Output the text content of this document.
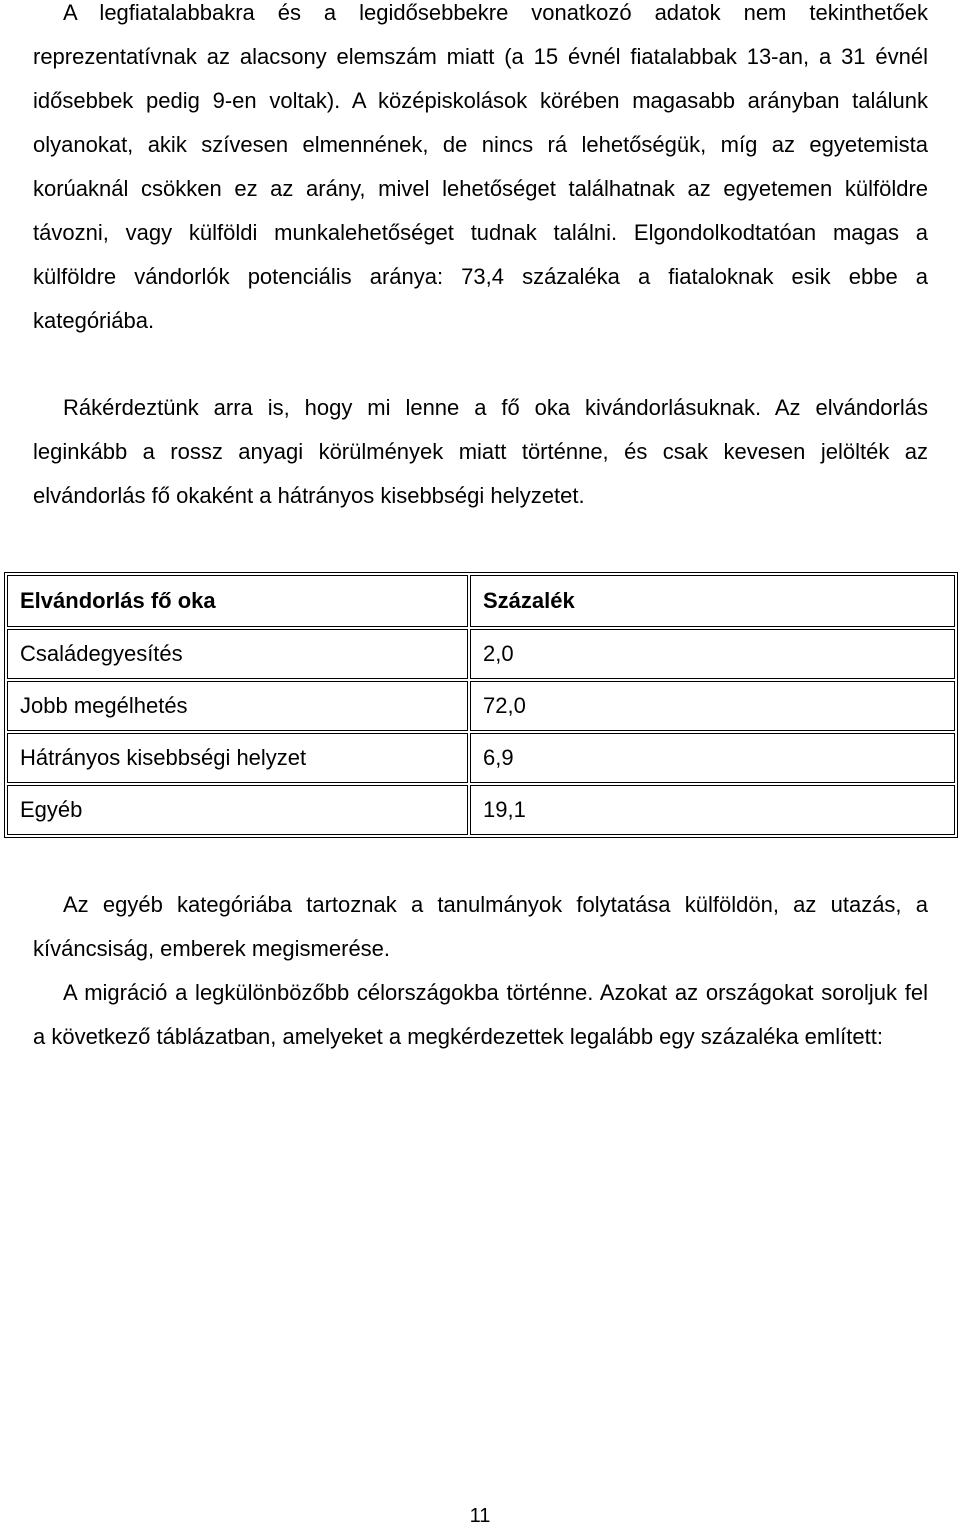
A legfiatalabbakra és a legidősebbekre vonatkozó adatok nem tekinthetőek reprezentatívnak az alacsony elemszám miatt (a 15 évnél fiatalabbak 13-an, a 31 évnél idősebbek pedig 9-en voltak). A középiskolások körében magasabb arányban találunk olyanokat, akik szívesen elmennének, de nincs rá lehetőségük, míg az egyetemista korúaknál csökken ez az arány, mivel lehetőséget találhatnak az egyetemen külföldre távozni, vagy külföldi munkalehetőséget tudnak találni. Elgondolkodtatóan magas a külföldre vándorlók potenciális aránya: 73,4 százaléka a fiataloknak esik ebbe a kategóriába.

Rákérdeztünk arra is, hogy mi lenne a fő oka kivándorlásuknak. Az elvándorlás leginkább a rossz anyagi körülmények miatt történne, és csak kevesen jelölték az elvándorlás fő okaként a hátrányos kisebbségi helyzetet.

Elvándorlás fő oka	Százalék
Családegyesítés	2,0
Jobb megélhetés	72,0
Hátrányos kisebbségi helyzet	6,9
Egyéb	19,1

Az egyéb kategóriába tartoznak a tanulmányok folytatása külföldön, az utazás, a kíváncsiság, emberek megismerése.

A migráció a legkülönbözőbb célországokba történne. Azokat az országokat soroljuk fel a következő táblázatban, amelyeket a megkérdezettek legalább egy százaléka említett:

11
